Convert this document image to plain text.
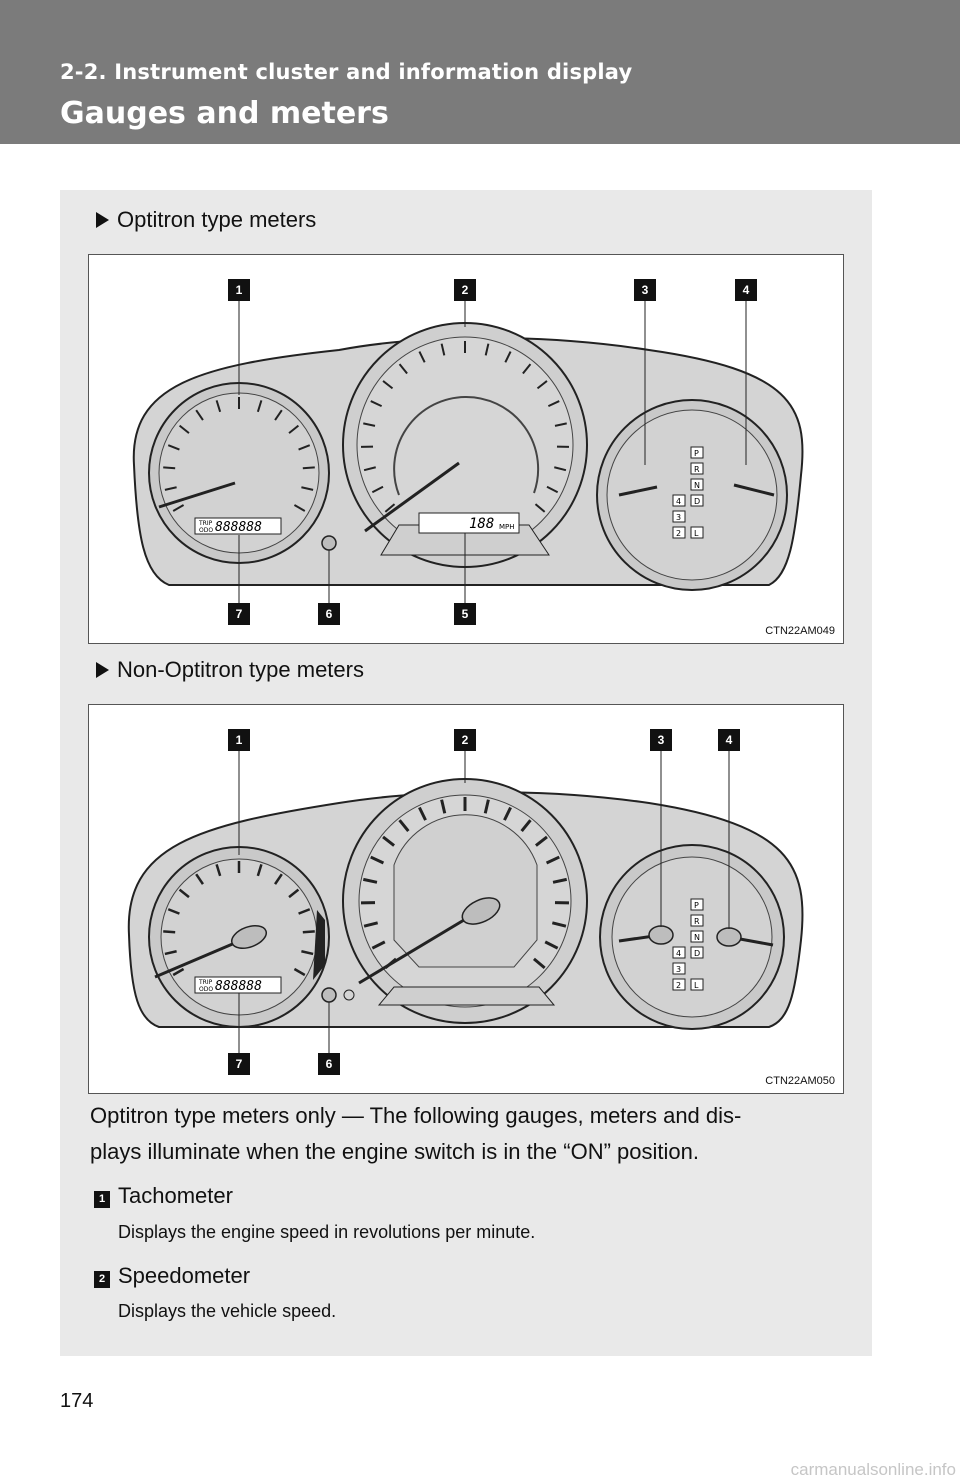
2-2. Instrument cluster and information display
Gauges and meters
Optitron type meters
TRIP
ODO 888888	188 MPH
P
R
N
D
4
3
2 L
1	2	3	4
7	6	5
CTN22AM049
Non-Optitron type meters
TRIP
ODO 888888
P
R
N
D
4
3
2 L
1	2	3	4
7	6
CTN22AM050
Optitron type meters only — The following gauges, meters and dis-
plays illuminate when the engine switch is in the “ON” position.
1 Tachometer
Displays the engine speed in revolutions per minute.
2 Speedometer
Displays the vehicle speed.
174
carmanualsonline.info
